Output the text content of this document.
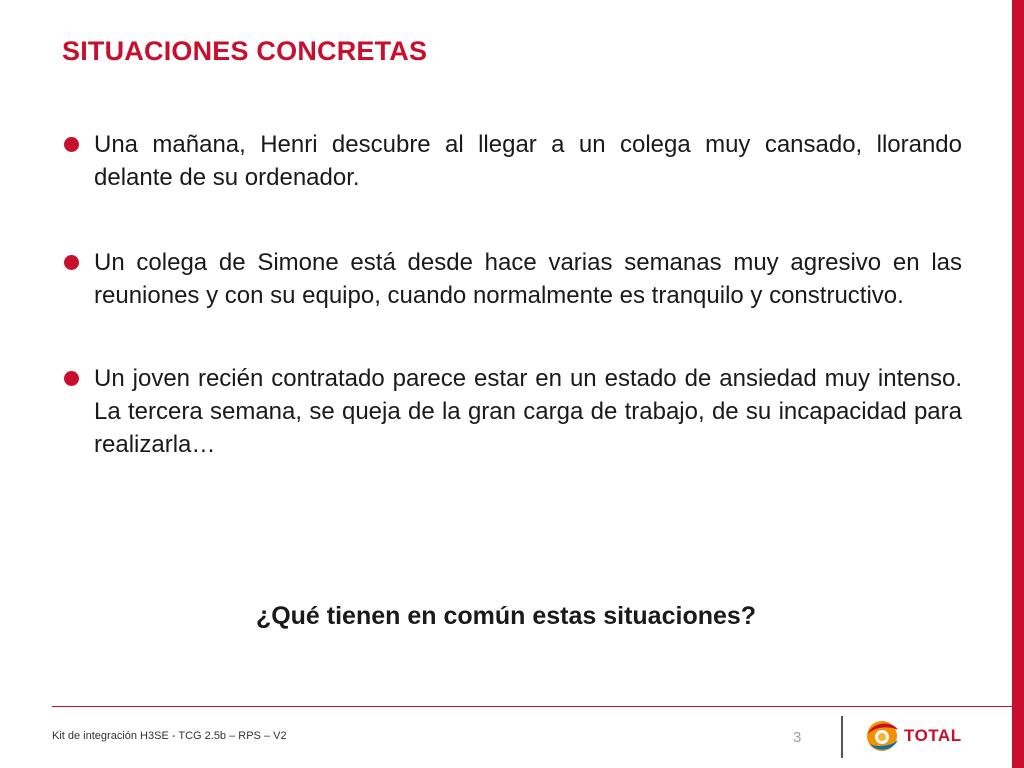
SITUACIONES CONCRETAS
Una mañana, Henri descubre al llegar a un colega muy cansado, llorando delante de su ordenador.
Un colega de Simone está desde hace varias semanas muy agresivo en las reuniones y con su equipo, cuando normalmente es tranquilo y constructivo.
Un joven recién contratado parece estar en un estado de ansiedad muy intenso. La tercera semana, se queja de la gran carga de trabajo, de su incapacidad para realizarla…
¿Qué tienen en común estas situaciones?
Kit de integración H3SE - TCG 2.5b – RPS – V2	3	TOTAL
